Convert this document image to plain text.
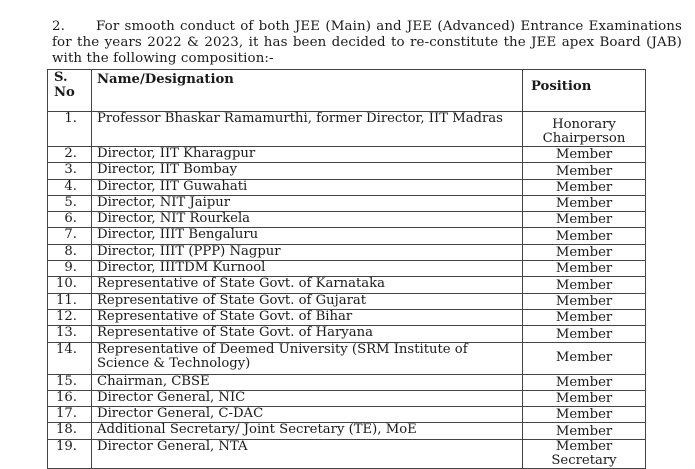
2. For smooth conduct of both JEE (Main) and JEE (Advanced) Entrance Examinations for the years 2022 & 2023, it has been decided to re-constitute the JEE apex Board (JAB) with the following composition:-

S. No	Name/Designation	Position
1.	Professor Bhaskar Ramamurthi, former Director, IIT Madras	Honorary Chairperson
2.	Director, IIT Kharagpur	Member
3.	Director, IIT Bombay	Member
4.	Director, IIT Guwahati	Member
5.	Director, NIT Jaipur	Member
6.	Director, NIT Rourkela	Member
7.	Director, IIIT Bengaluru	Member
8.	Director, IIIT (PPP) Nagpur	Member
9.	Director, IIITDM Kurnool	Member
10.	Representative of State Govt. of Karnataka	Member
11.	Representative of State Govt. of Gujarat	Member
12.	Representative of State Govt. of Bihar	Member
13.	Representative of State Govt. of Haryana	Member
14.	Representative of Deemed University (SRM Institute of Science & Technology)	Member
15.	Chairman, CBSE	Member
16.	Director General, NIC	Member
17.	Director General, C-DAC	Member
18.	Additional Secretary/ Joint Secretary (TE), MoE	Member
19.	Director General, NTA	Member Secretary
